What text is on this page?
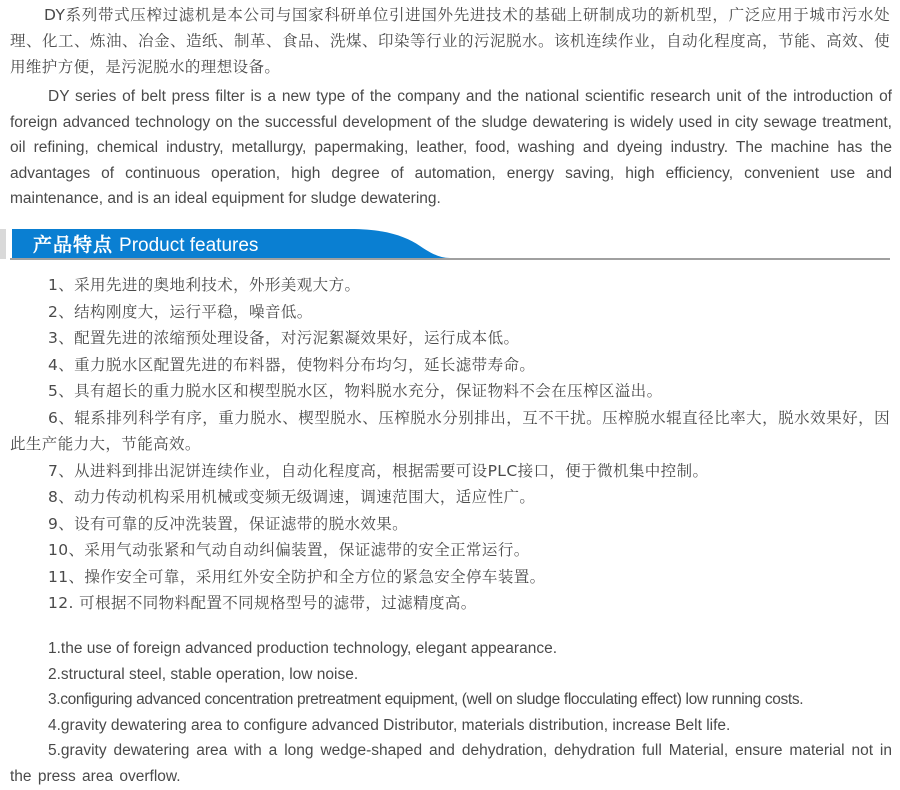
DY系列带式压榨过滤机是本公司与国家科研单位引进国外先进技术的基础上研制成功的新机型，广泛应用于城市污水处理、化工、炼油、冶金、造纸、制革、食品、洗煤、印染等行业的污泥脱水。该机连续作业，自动化程度高，节能、高效、使用维护方便，是污泥脱水的理想设备。

DY series of belt press filter is a new type of the company and the national scientific research unit of the introduction of foreign advanced technology on the successful development of the sludge dewatering is widely used in city sewage treatment, oil refining, chemical industry, metallurgy, papermaking, leather, food, washing and dyeing industry. The machine has the advantages of continuous operation, high degree of automation, energy saving, high efficiency, convenient use and maintenance, and is an ideal equipment for sludge dewatering.

产品特点 Product features
1、采用先进的奥地利技术，外形美观大方。
2、结构刚度大，运行平稳，噪音低。
3、配置先进的浓缩预处理设备，对污泥絮凝效果好，运行成本低。
4、重力脱水区配置先进的布料器，使物料分布均匀，延长滤带寿命。
5、具有超长的重力脱水区和楔型脱水区，物料脱水充分，保证物料不会在压榨区溢出。
6、辊系排列科学有序，重力脱水、楔型脱水、压榨脱水分别排出，互不干扰。压榨脱水辊直径比率大，脱水效果好，因此生产能力大，节能高效。
7、从进料到排出泥饼连续作业，自动化程度高，根据需要可设PLC接口，便于微机集中控制。
8、动力传动机构采用机械或变频无级调速，调速范围大，适应性广。
9、设有可靠的反冲洗装置，保证滤带的脱水效果。
10、采用气动张紧和气动自动纠偏装置，保证滤带的安全正常运行。
11、操作安全可靠，采用红外安全防护和全方位的紧急安全停车装置。
12. 可根据不同物料配置不同规格型号的滤带，过滤精度高。
1.the use of foreign advanced production technology, elegant appearance.
2.structural steel, stable operation, low noise.
3.configuring advanced concentration pretreatment equipment, (well on sludge flocculating effect) low running costs.
4.gravity dewatering area to configure advanced Distributor, materials distribution, increase Belt life.
5.gravity dewatering area with a long wedge-shaped and dehydration, dehydration full Material, ensure material not in the press area overflow.
